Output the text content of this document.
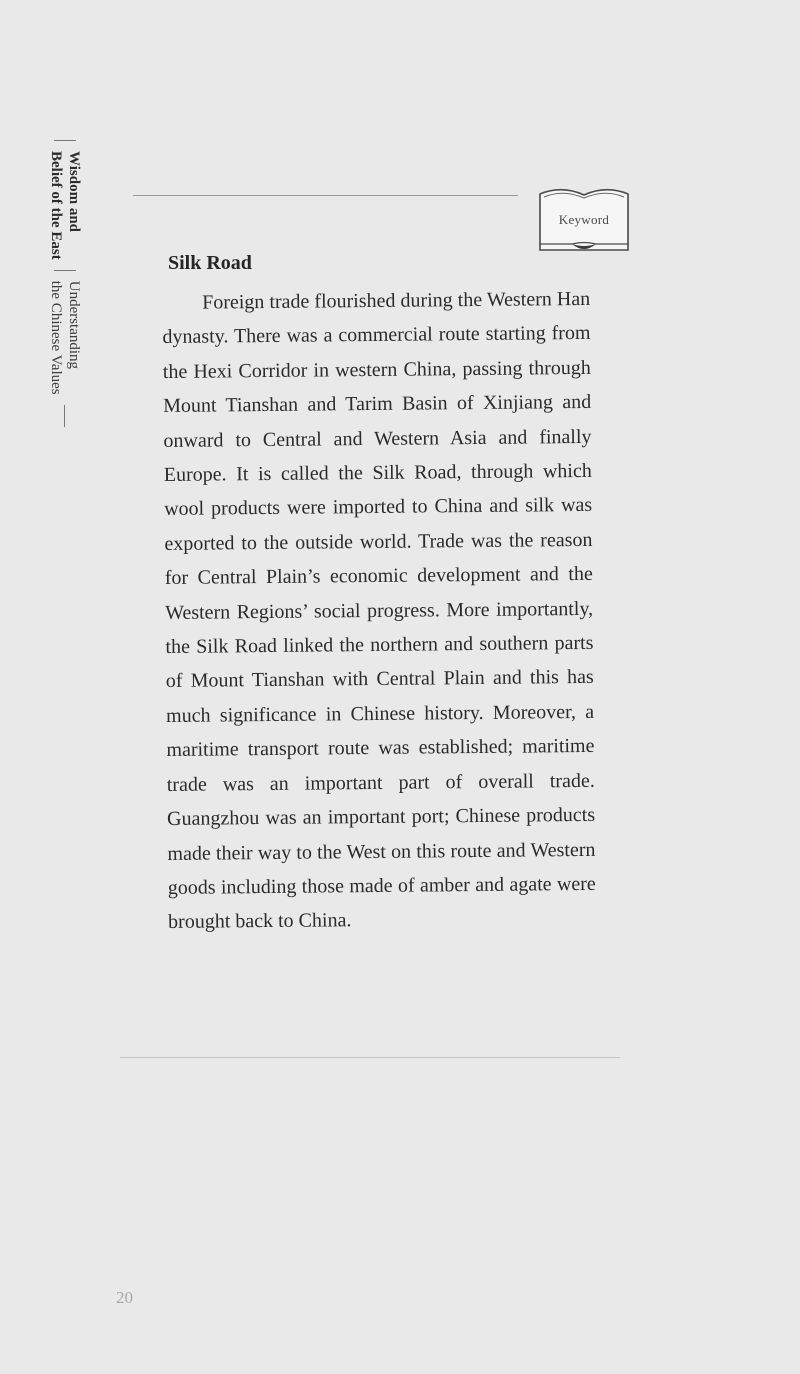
Wisdom and
Belief of the East
Understanding
the Chinese Values
Keyword
Silk Road

Foreign trade flourished during the Western Han dynasty. There was a commercial route starting from the Hexi Corridor in western China, passing through Mount Tianshan and Tarim Basin of Xinjiang and onward to Central and Western Asia and finally Europe. It is called the Silk Road, through which wool products were imported to China and silk was exported to the outside world. Trade was the reason for Central Plain’s economic development and the Western Regions’ social progress. More importantly, the Silk Road linked the northern and southern parts of Mount Tianshan with Central Plain and this has much significance in Chinese history. Moreover, a maritime transport route was established; maritime trade was an important part of overall trade. Guangzhou was an important port; Chinese products made their way to the West on this route and Western goods including those made of amber and agate were brought back to China.

20
